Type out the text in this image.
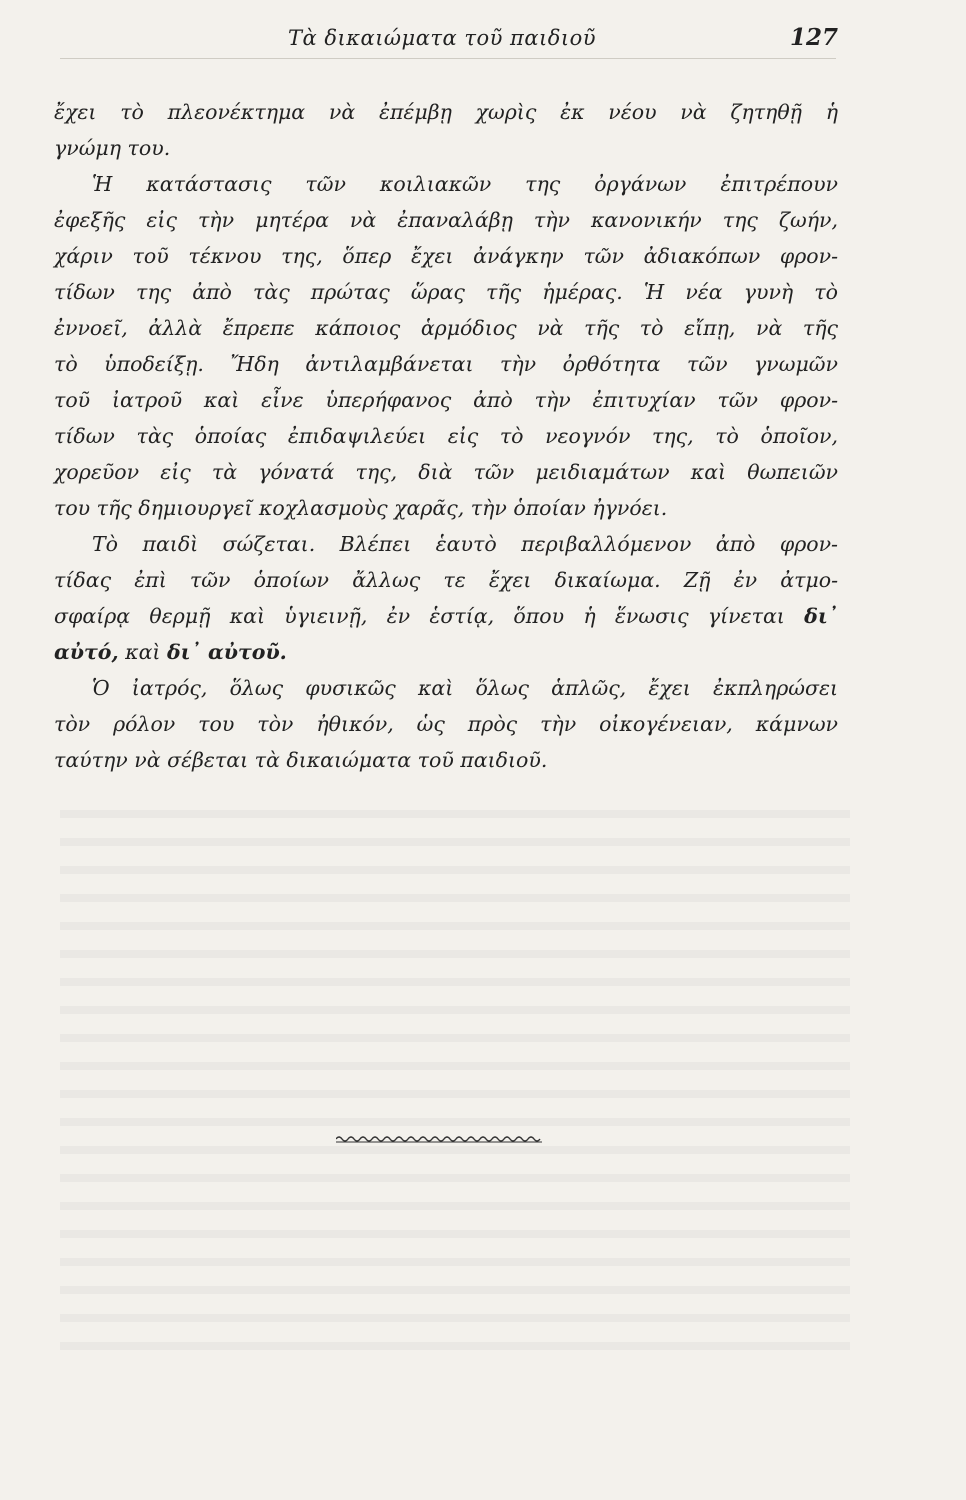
Τὰ δικαιώματα τοῦ παιδιοῦ	127
ἔχει τὸ πλεονέκτημα νὰ ἐπέμβῃ χωρὶς ἐκ νέου νὰ ζητηθῇ ἡ
γνώμη του.
Ἡ κατάστασις τῶν κοιλιακῶν της ὀργάνων ἐπιτρέπουν
ἐφεξῆς εἰς τὴν μητέρα νὰ ἐπαναλάβῃ τὴν κανονικήν της ζωήν,
χάριν τοῦ τέκνου της, ὅπερ ἔχει ἀνάγκην τῶν ἀδιακόπων φρον-
τίδων της ἀπὸ τὰς πρώτας ὥρας τῆς ἡμέρας. Ἡ νέα γυνὴ τὸ
ἐννοεῖ, ἀλλὰ ἔπρεπε κάποιος ἁρμόδιος νὰ τῆς τὸ εἴπῃ, νὰ τῆς
τὸ ὑποδείξῃ. Ἤδη ἀντιλαμβάνεται τὴν ὀρθότητα τῶν γνωμῶν
τοῦ ἰατροῦ καὶ εἶνε ὑπερήφανος ἀπὸ τὴν ἐπιτυχίαν τῶν φρον-
τίδων τὰς ὁποίας ἐπιδαψιλεύει εἰς τὸ νεογνόν της, τὸ ὁποῖον,
χορεῦον εἰς τὰ γόνατά της, διὰ τῶν μειδιαμάτων καὶ θωπειῶν
του τῆς δημιουργεῖ κοχλασμοὺς χαρᾶς, τὴν ὁποίαν ἠγνόει.
Τὸ παιδὶ σώζεται. Βλέπει ἑαυτὸ περιβαλλόμενον ἀπὸ φρον-
τίδας ἐπὶ τῶν ὁποίων ἄλλως τε ἔχει δικαίωμα. Ζῇ ἐν ἀτμο-
σφαίρᾳ θερμῇ καὶ ὑγιεινῇ, ἐν ἑστίᾳ, ὅπου ἡ ἕνωσις γίνεται δι᾿
αὐτό, καὶ δι᾿ αὐτοῦ.
Ὁ ἰατρός, ὅλως φυσικῶς καὶ ὅλως ἁπλῶς, ἔχει ἐκπληρώσει
τὸν ρόλον του τὸν ἠθικόν, ὡς πρὸς τὴν οἰκογένειαν, κάμνων
ταύτην νὰ σέβεται τὰ δικαιώματα τοῦ παιδιοῦ.
